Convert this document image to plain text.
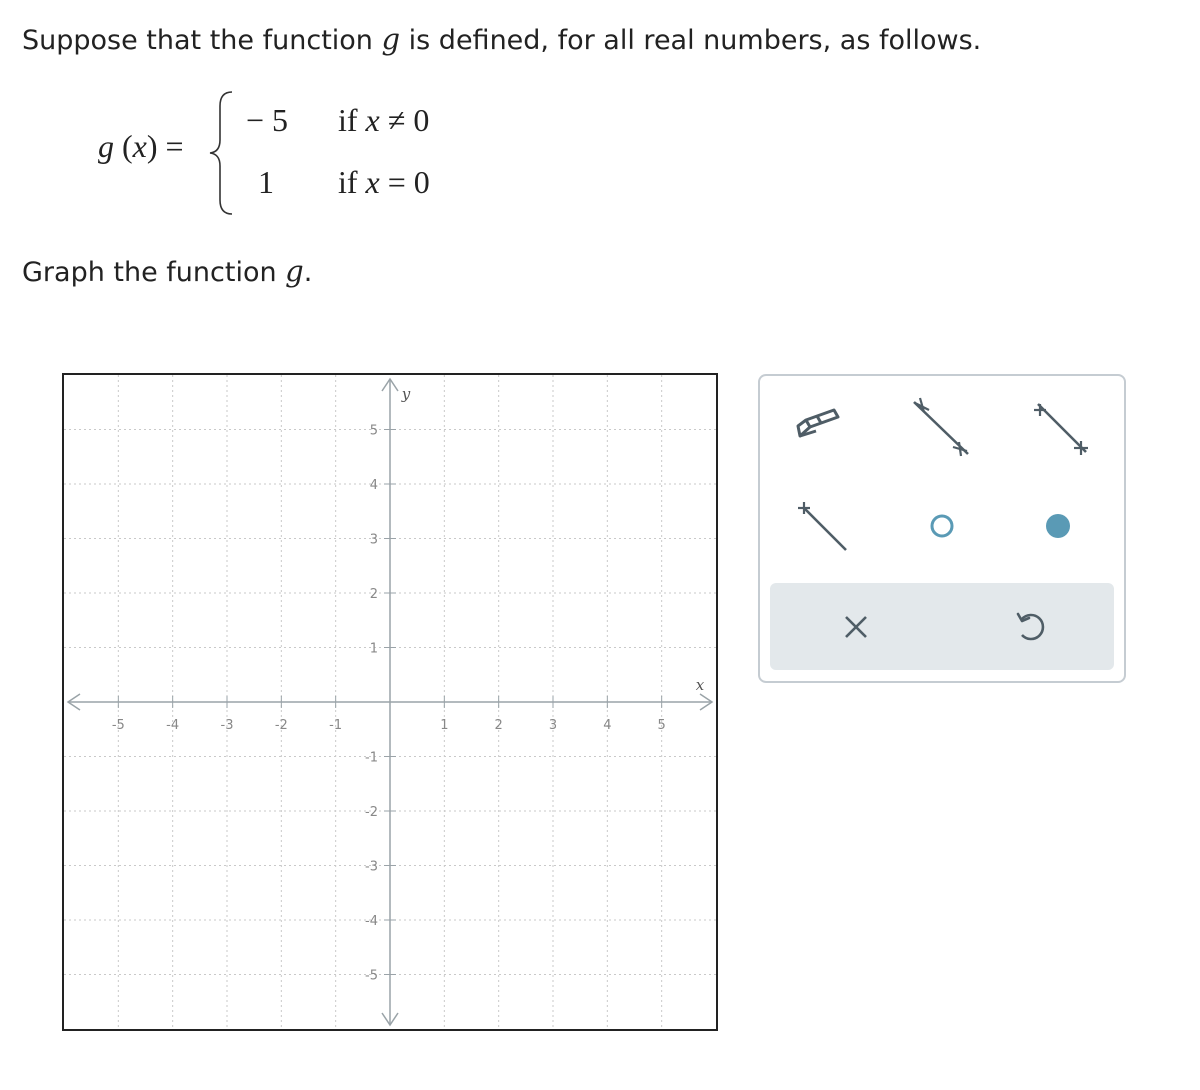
Suppose that the function g is defined, for all real numbers, as follows.
g (x) =
− 5 if x ≠ 0
1 if x = 0
Graph the function g.
-5	-4	-3	-2	-1	1	2	3	4	5
-5
-4
-3
-2
-1
1
2
3
4
5
x
y
